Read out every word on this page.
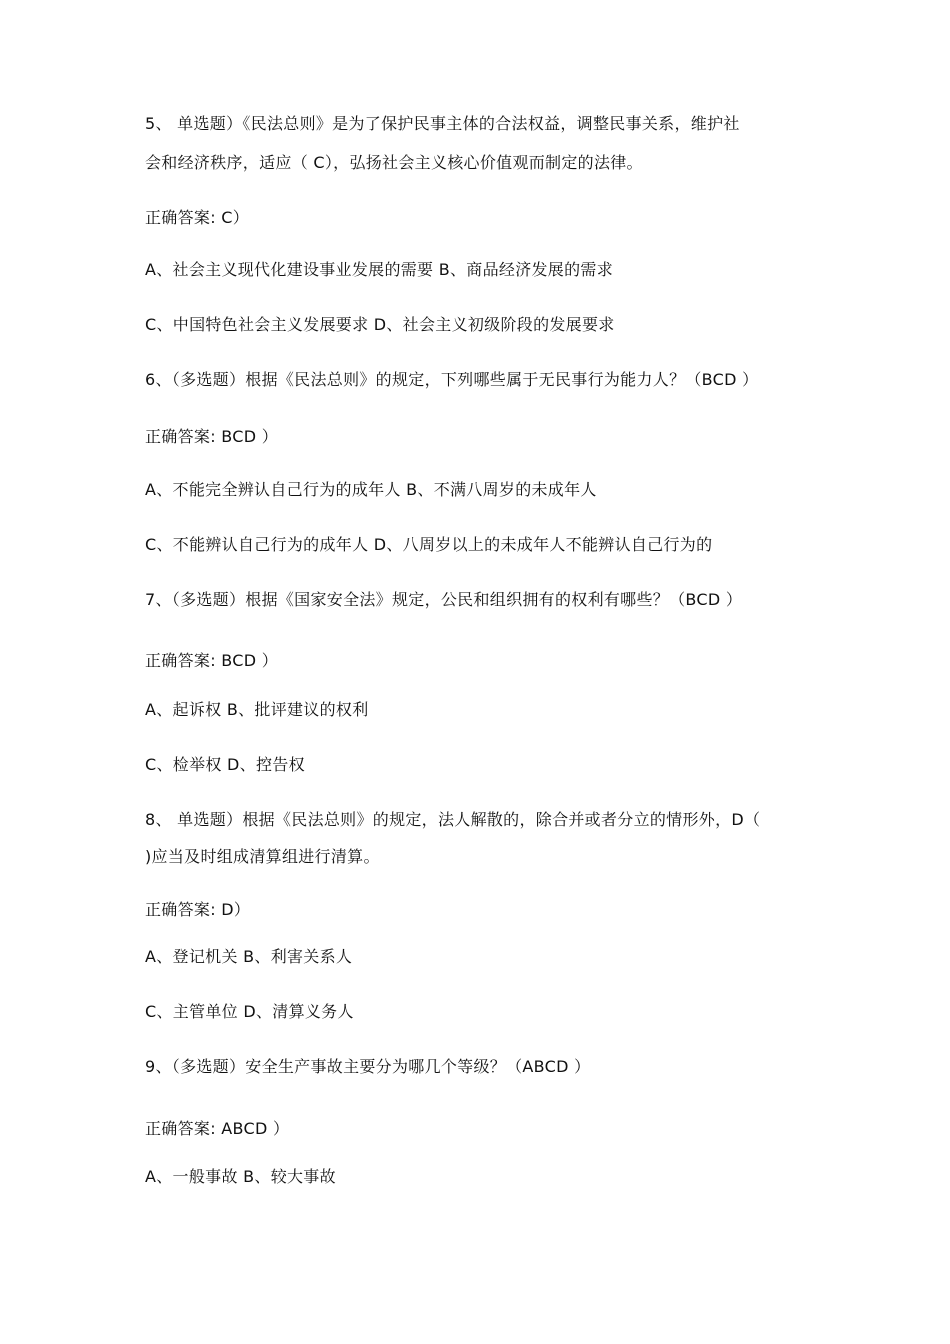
5、 单选题）《民法总则》是为了保护民事主体的合法权益，调整民事关系，维护社
会和经济秩序，适应（ C），弘扬社会主义核心价值观而制定的法律。
正确答案: C）
A、社会主义现代化建设事业发展的需要 B、商品经济发展的需求
C、中国特色社会主义发展要求 D、社会主义初级阶段的发展要求
6、（多选题）根据《民法总则》的规定，下列哪些属于无民事行为能力人？（BCD ）
正确答案: BCD ）
A、不能完全辨认自己行为的成年人 B、不满八周岁的未成年人
C、不能辨认自己行为的成年人 D、八周岁以上的未成年人不能辨认自己行为的
7、（多选题）根据《国家安全法》规定，公民和组织拥有的权利有哪些？（BCD ）
正确答案: BCD ）
A、起诉权 B、批评建议的权利
C、检举权 D、控告权
8、 单选题）根据《民法总则》的规定，法人解散的，除合并或者分立的情形外，D（
)应当及时组成清算组进行清算。
正确答案: D）
A、登记机关 B、利害关系人
C、主管单位 D、清算义务人
9、（多选题）安全生产事故主要分为哪几个等级？（ABCD ）
正确答案: ABCD ）
A、一般事故 B、较大事故
